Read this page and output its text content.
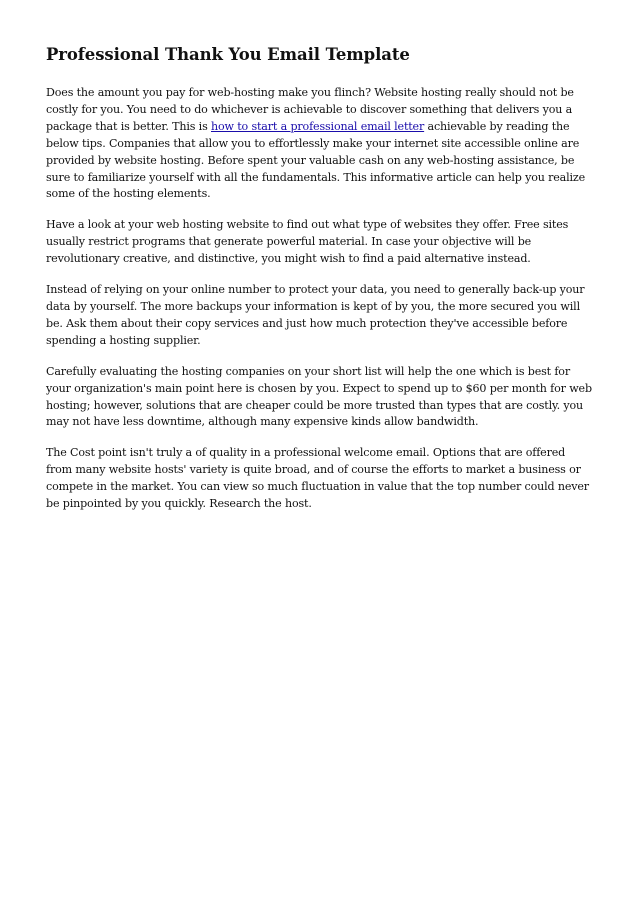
Professional Thank You Email Template

Does the amount you pay for web-hosting make you flinch? Website hosting really should not be costly for you. You need to do whichever is achievable to discover something that delivers you a package that is better. This is how to start a professional email letter achievable by reading the below tips. Companies that allow you to effortlessly make your internet site accessible online are provided by website hosting. Before spent your valuable cash on any web-hosting assistance, be sure to familiarize yourself with all the fundamentals. This informative article can help you realize some of the hosting elements.

Have a look at your web hosting website to find out what type of websites they offer. Free sites usually restrict programs that generate powerful material. In case your objective will be revolutionary creative, and distinctive, you might wish to find a paid alternative instead.

Instead of relying on your online number to protect your data, you need to generally back-up your data by yourself. The more backups your information is kept of by you, the more secured you will be. Ask them about their copy services and just how much protection they've accessible before spending a hosting supplier.

Carefully evaluating the hosting companies on your short list will help the one which is best for your organization's main point here is chosen by you. Expect to spend up to $60 per month for web hosting; however, solutions that are cheaper could be more trusted than types that are costly. you may not have less downtime, although many expensive kinds allow bandwidth.

The Cost point isn't truly a of quality in a professional welcome email. Options that are offered from many website hosts' variety is quite broad, and of course the efforts to market a business or compete in the market. You can view so much fluctuation in value that the top number could never be pinpointed by you quickly. Research the host.
